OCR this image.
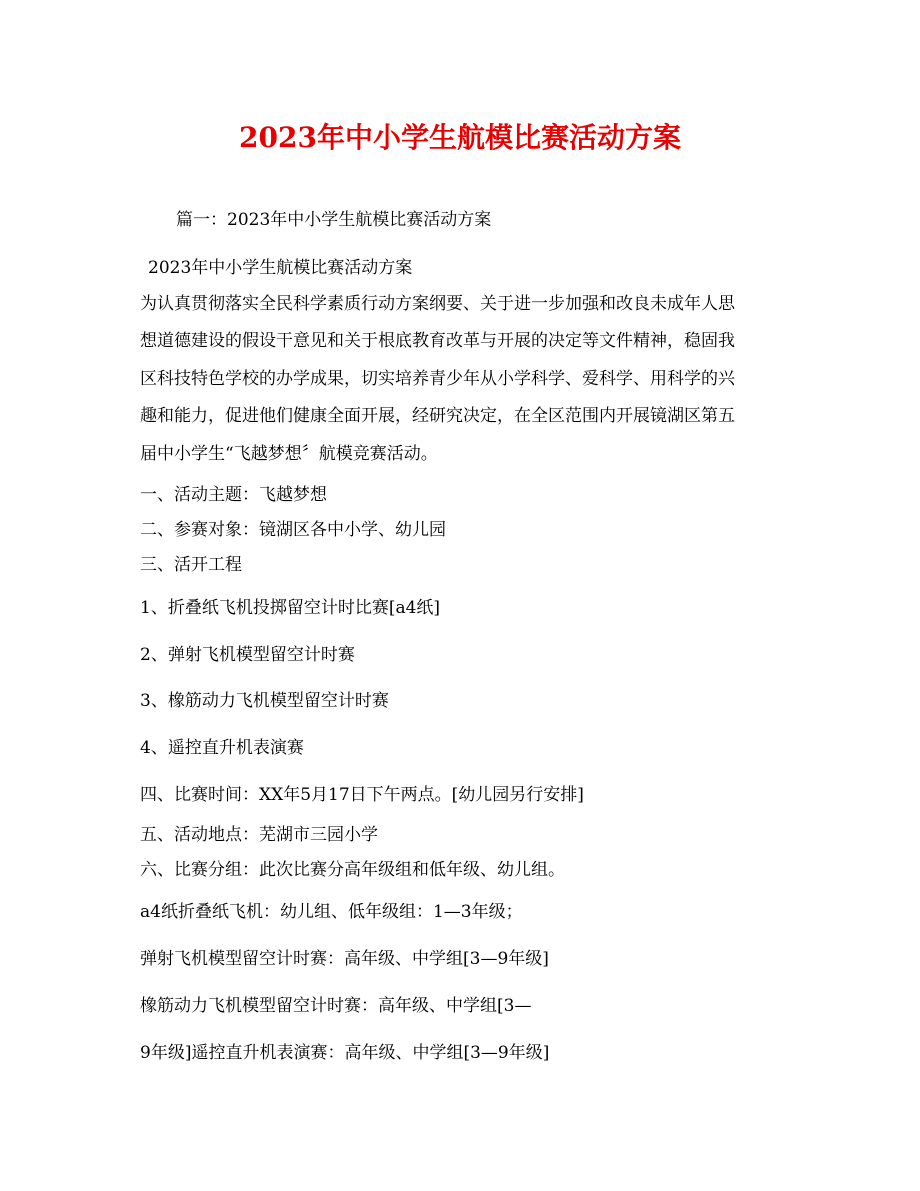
2023年中小学生航模比赛活动方案
篇一：2023年中小学生航模比赛活动方案
2023年中小学生航模比赛活动方案
为认真贯彻落实全民科学素质行动方案纲要、关于进一步加强和改良未成年人思
想道德建设的假设干意见和关于根底教育改革与开展的决定等文件精神，稳固我
区科技特色学校的办学成果，切实培养青少年从小学科学、爱科学、用科学的兴
趣和能力，促进他们健康全面开展，经研究决定，在全区范围内开展镜湖区第五
届中小学生“飞越梦想〞航模竞赛活动。
一、活动主题：飞越梦想
二、参赛对象：镜湖区各中小学、幼儿园
三、活开工程
1、折叠纸飞机投掷留空计时比赛[a4纸]
2、弹射飞机模型留空计时赛
3、橡筋动力飞机模型留空计时赛
4、遥控直升机表演赛
四、比赛时间：XX年5月17日下午两点。[幼儿园另行安排]
五、活动地点：芜湖市三园小学
六、比赛分组：此次比赛分高年级组和低年级、幼儿组。
a4纸折叠纸飞机：幼儿组、低年级组：1—3年级；
弹射飞机模型留空计时赛：高年级、中学组[3—9年级]
橡筋动力飞机模型留空计时赛：高年级、中学组[3—
9年级]遥控直升机表演赛：高年级、中学组[3—9年级]
